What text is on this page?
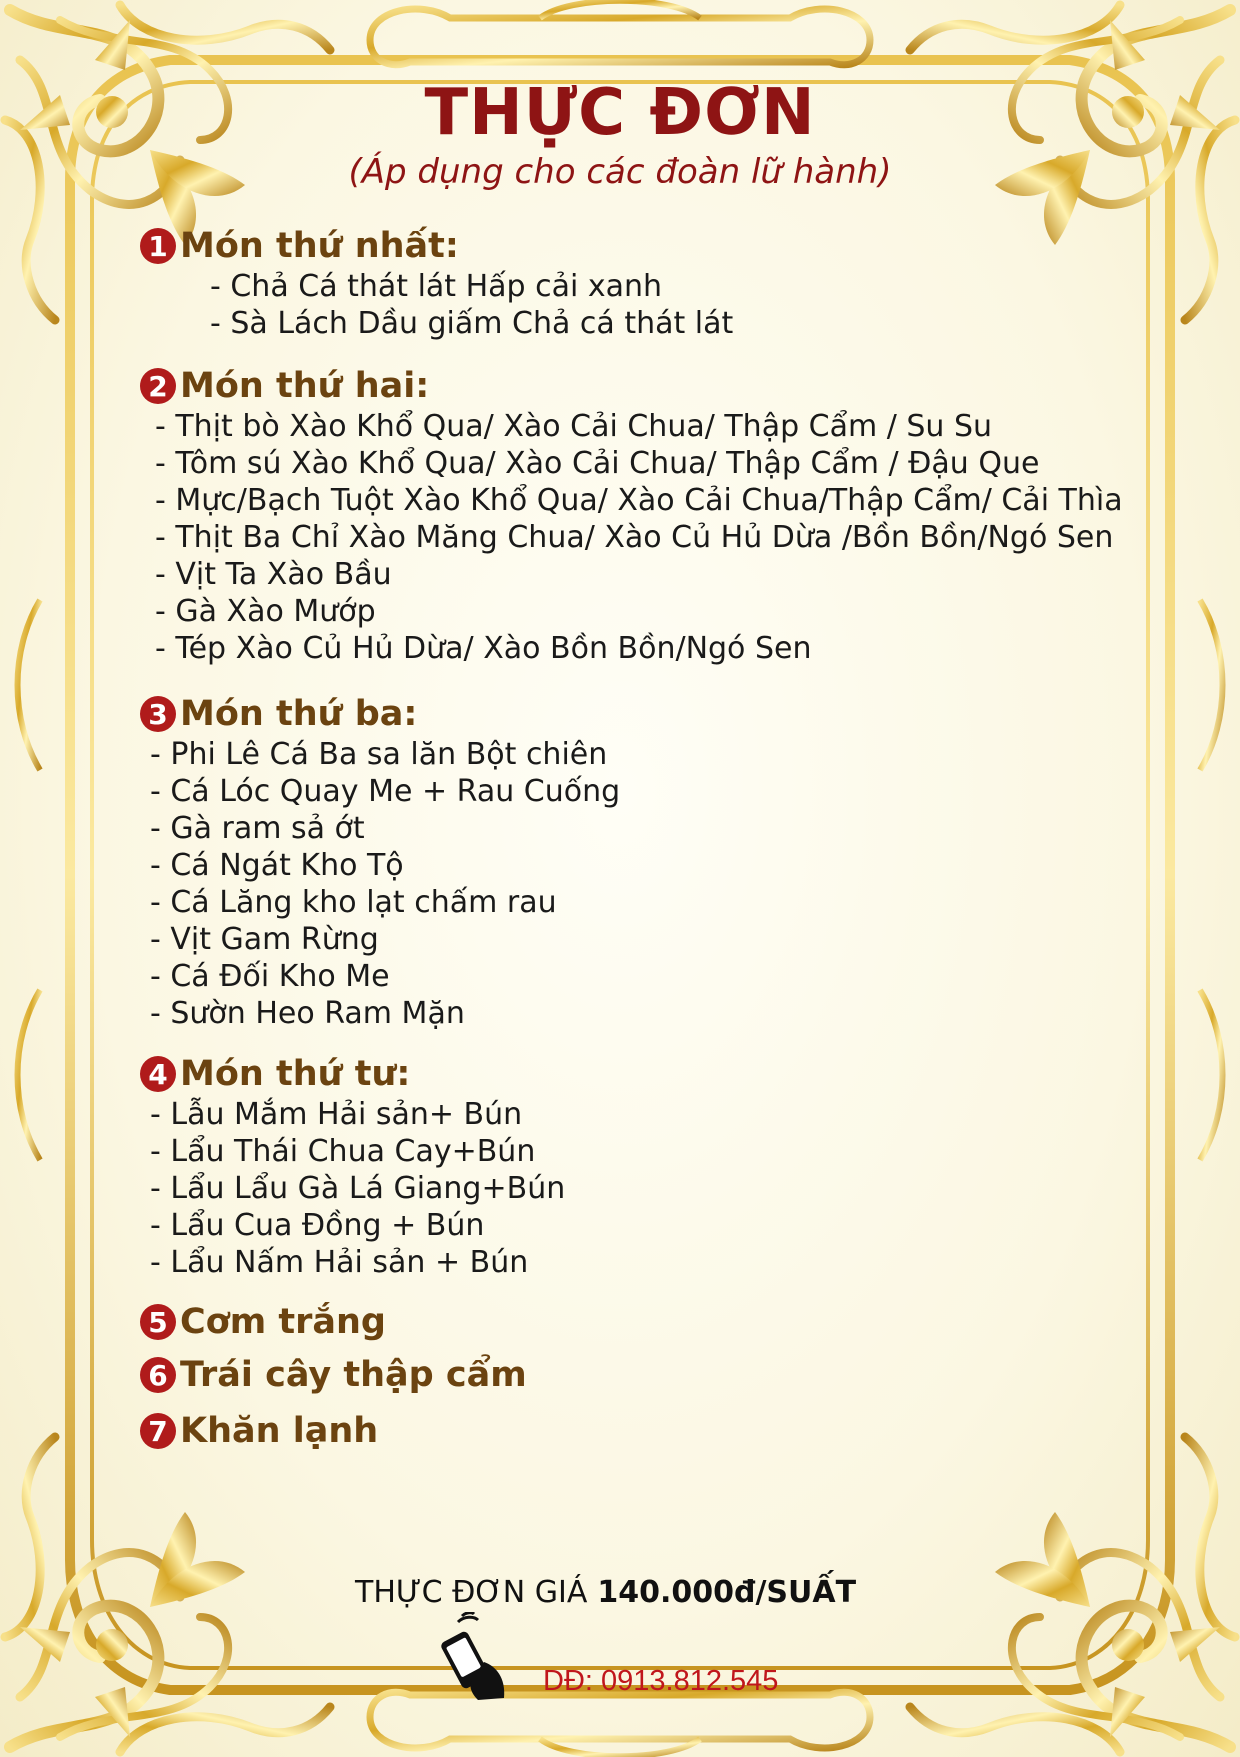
THỰC ĐƠN
(Áp dụng cho các đoàn lữ hành)
1 Món thứ nhất:
- Chả Cá thát lát Hấp cải xanh
- Sà Lách Dầu giấm Chả cá thát lát
2 Món thứ hai:
- Thịt bò Xào Khổ Qua/ Xào Cải Chua/ Thập Cẩm / Su Su
- Tôm sú Xào Khổ Qua/ Xào Cải Chua/ Thập Cẩm / Đậu Que
- Mực/Bạch Tuột Xào Khổ Qua/ Xào Cải Chua/Thập Cẩm/ Cải Thìa
- Thịt Ba Chỉ Xào Măng Chua/ Xào Củ Hủ Dừa /Bồn Bồn/Ngó Sen
- Vịt Ta Xào Bầu
- Gà Xào Mướp
- Tép Xào Củ Hủ Dừa/ Xào Bồn Bồn/Ngó Sen
3 Món thứ ba:
- Phi Lê Cá Ba sa lăn Bột chiên
- Cá Lóc Quay Me + Rau Cuống
- Gà ram sả ớt
- Cá Ngát Kho Tộ
- Cá Lăng kho lạt chấm rau
- Vịt Gam Rừng
- Cá Đối Kho Me
- Sườn Heo Ram Mặn
4 Món thứ tư:
- Lẫu Mắm Hải sản+ Bún
- Lẩu Thái Chua Cay+Bún
- Lẩu Lẩu Gà Lá Giang+Bún
- Lẩu Cua Đồng + Bún
- Lẩu Nấm Hải sản + Bún
5 Cơm trắng
6 Trái cây thập cẩm
7 Khăn lạnh
THỰC ĐƠN GIÁ 140.000đ/SUẤT
DĐ: 0913.812.545
